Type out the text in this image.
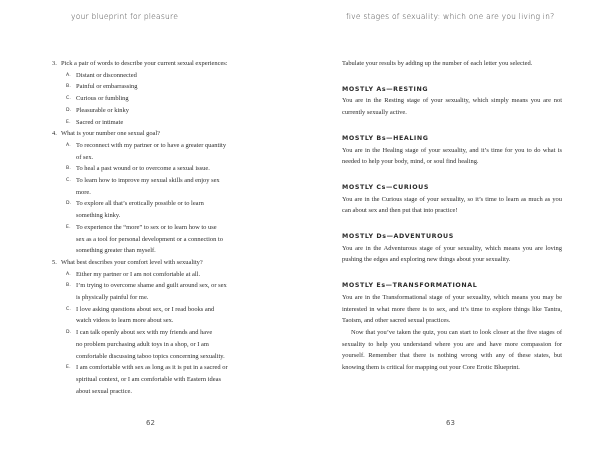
your blueprint for pleasure
3. Pick a pair of words to describe your current sexual experiences:
A. Distant or disconnected
B. Painful or embarrassing
C. Curious or fumbling
D. Pleasurable or kinky
E. Sacred or intimate
4. What is your number one sexual goal?
A. To reconnect with my partner or to have a greater quantity
of sex.
B. To heal a past wound or to overcome a sexual issue.
C. To learn how to improve my sexual skills and enjoy sex
more.
D. To explore all that’s erotically possible or to learn
something kinky.
E. To experience the “more” to sex or to learn how to use
sex as a tool for personal development or a connection to
something greater than myself.
5. What best describes your comfort level with sexuality?
A. Either my partner or I am not comfortable at all.
B. I’m trying to overcome shame and guilt around sex, or sex
is physically painful for me.
C. I love asking questions about sex, or I read books and
watch videos to learn more about sex.
D. I can talk openly about sex with my friends and have
no problem purchasing adult toys in a shop, or I am
comfortable discussing taboo topics concerning sexuality.
E. I am comfortable with sex as long as it is put in a sacred or
spiritual context, or I am comfortable with Eastern ideas
about sexual practice.
62
five stages of sexuality: which one are you living in?

Tabulate your results by adding up the number of each letter you selected.

MOSTLY As—RESTING

You are in the Resting stage of your sexuality, which simply means you are not currently sexually active.

MOSTLY Bs—HEALING

You are in the Healing stage of your sexuality, and it’s time for you to do what is needed to help your body, mind, or soul find healing.

MOSTLY Cs—CURIOUS

You are in the Curious stage of your sexuality, so it’s time to learn as much as you can about sex and then put that into practice!

MOSTLY Ds—ADVENTUROUS

You are in the Adventurous stage of your sexuality, which means you are loving pushing the edges and exploring new things about your sexuality.

MOSTLY Es—TRANSFORMATIONAL

You are in the Transformational stage of your sexuality, which means you may be interested in what more there is to sex, and it’s time to explore things like Tantra, Taoism, and other sacred sexual practices.

Now that you’ve taken the quiz, you can start to look closer at the five stages of sexuality to help you understand where you are and have more compassion for yourself. Remember that there is nothing wrong with any of these states, but knowing them is critical for mapping out your Core Erotic Blueprint.

63
